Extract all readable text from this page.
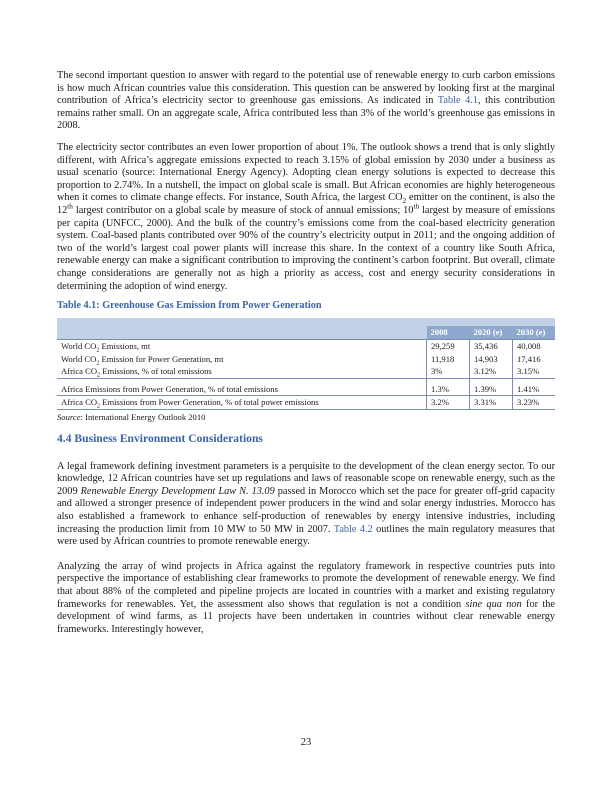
The second important question to answer with regard to the potential use of renewable energy to curb carbon emissions is how much African countries value this consideration. This question can be answered by looking first at the marginal contribution of Africa’s electricity sector to greenhouse gas emissions. As indicated in Table 4.1, this contribution remains rather small. On an aggregate scale, Africa contributed less than 3% of the world’s greenhouse gas emissions in 2008.

The electricity sector contributes an even lower proportion of about 1%. The outlook shows a trend that is only slightly different, with Africa’s aggregate emissions expected to reach 3.15% of global emission by 2030 under a business as usual scenario (source: International Energy Agency). Adopting clean energy solutions is expected to decrease this proportion to 2.74%. In a nutshell, the impact on global scale is small. But African economies are highly heterogeneous when it comes to climate change effects. For instance, South Africa, the largest $CO_2$ emitter on the continent, is also the 12th largest contributor on a global scale by measure of stock of annual emissions; 10th largest by measure of emissions per capita (UNFCC, 2000). And the bulk of the country’s emissions come from the coal-based electricity generation system. Coal-based plants contributed over 90% of the country’s electricity output in 2011; and the ongoing addition of two of the world’s largest coal power plants will increase this share. In the context of a country like South Africa, renewable energy can make a significant contribution to improving the continent’s carbon footprint. But overall, climate change considerations are generally not as high a priority as access, cost and energy security considerations in determining the adoption of wind energy.

Table 4.1: Greenhouse Gas Emission from Power Generation

	2008	2020 (e)	2030 (e)
World $CO_2$ Emissions, mt	29,259	35,436	40,008
World $CO_2$ Emission for Power Generation, mt	11,918	14,903	17,416
Africa $CO_2$ Emissions, % of total emissions	3%	3.12%	3.15%

Africa Emissions from Power Generation, % of total emissions	1.3%	1.39%	1.41%
Africa $CO_2$ Emissions from Power Generation, % of total power emissions	3.2%	3.31%	3.23%
Source: International Energy Outlook 2010
4.4 Business Environment Considerations

A legal framework defining investment parameters is a perquisite to the development of the clean energy sector. To our knowledge, 12 African countries have set up regulations and laws of reasonable scope on renewable energy, such as the 2009 Renewable Energy Development Law N. 13.09 passed in Morocco which set the pace for greater off-grid capacity and allowed a stronger presence of independent power producers in the wind and solar energy industries. Morocco has also established a framework to enhance self-production of renewables by energy intensive industries, including increasing the production limit from 10 MW to 50 MW in 2007. Table 4.2 outlines the main regulatory measures that were used by African countries to promote renewable energy.

Analyzing the array of wind projects in Africa against the regulatory framework in respective countries puts into perspective the importance of establishing clear frameworks to promote the development of renewable energy. We find that about 88% of the completed and pipeline projects are located in countries with a market and existing regulatory frameworks for renewables. Yet, the assessment also shows that regulation is not a condition sine qua non for the development of wind farms, as 11 projects have been undertaken in countries without clear renewable energy frameworks. Interestingly however,

23
